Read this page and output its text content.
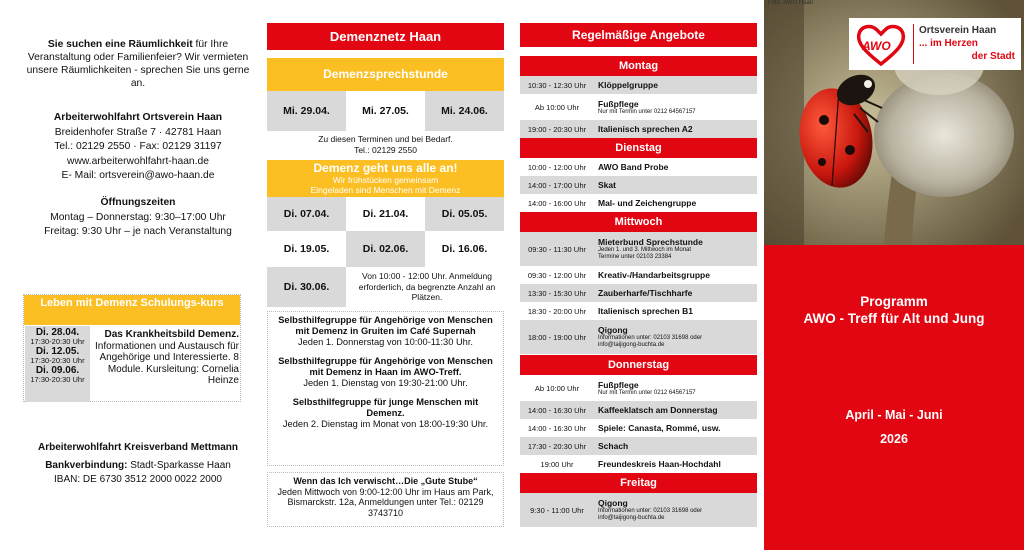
Sie suchen eine Räumlichkeit für Ihre Veranstaltung oder Familienfeier? Wir vermieten unsere Räumlichkeiten - sprechen Sie uns gerne an.
Arbeiterwohlfahrt Ortsverein Haan
Breidenhofer Straße 7 · 42781 Haan
Tel.: 02129 2550 · Fax: 02129 31197
www.arbeiterwohlfahrt-haan.de
E- Mail: ortsverein@awo-haan.de
Öffnungszeiten
Montag – Donnerstag: 9:30–17:00 Uhr
Freitag: 9:30 Uhr – je nach Veranstaltung
Arbeiterwohlfahrt Kreisverband Mettmann
Bankverbindung: Stadt-Sparkasse Haan
IBAN: DE 6730 3512 2000 0022 2000
Leben mit Demenz Schulungs-kurs
Di. 28.04.
17:30-20:30 Uhr
Di. 12.05.
17:30-20:30 Uhr
Di. 09.06.
17:30-20:30 Uhr
Das Krankheitsbild Demenz.
Informationen und Austausch für Angehörige und Interessierte. 8 Module. Kursleitung: Cornelia Heinze
Demenznetz Haan
Demenzsprechstunde
Mi. 29.04.	Mi. 27.05.	Mi. 24.06.
Zu diesen Terminen und bei Bedarf.
Tel.: 02129 2550
Demenz geht uns alle an!
Wir frühstücken gemeinsam
Eingeladen sind Menschen mit Demenz
Di. 07.04.	Di. 21.04.	Di. 05.05.
Di. 19.05.	Di. 02.06.	Di. 16.06.
Di. 30.06.
Von 10:00 - 12:00 Uhr. Anmeldung erforderlich, da begrenzte Anzahl an Plätzen.
Selbsthilfegruppe für Angehörige von Menschen mit Demenz in Gruiten im Café Supernah
Jeden 1. Donnerstag von 10:00-11:30 Uhr.
Selbsthilfegruppe für Angehörige von Menschen mit Demenz in Haan im AWO-Treff.
Jeden 1. Dienstag von 19:30-21:00 Uhr.
Selbsthilfegruppe für junge Menschen mit Demenz.
Jeden 2. Dienstag im Monat von 18:00-19:30 Uhr.
Wenn das Ich verwischt…Die „Gute Stube“
Jeden Mittwoch von 9:00-12:00 Uhr im Haus am Park, Bismarckstr. 12a, Anmeldungen unter Tel.: 02129 3743710
Regelmäßige Angebote
Montag
10:30 - 12:30 Uhr	Klöppelgruppe
Ab 10:00 Uhr	Fußpflege
Nur mit Termin unter 0212 64567157
19:00 - 20:30 Uhr	Italienisch sprechen A2
Dienstag
10:00 - 12:00 Uhr	AWO Band Probe
14:00 - 17:00 Uhr	Skat
14:00 - 16:00 Uhr	Mal- und Zeichengruppe
Mittwoch
09:30 - 11:30 Uhr
Mieterbund Sprechstunde
Jeden 1. und 3. Mittwoch im Monat
Termine unter 02103 23384
09:30 - 12:00 Uhr	Kreativ-/Handarbeitsgruppe
13:30 - 15:30 Uhr	Zauberharfe/Tischharfe
18:30 - 20:00 Uhr	Italienisch sprechen B1
18:00 - 19:00 Uhr
Qigong
Informationen unter: 02103 31698 oder
info@taijigong-buchta.de
Donnerstag
Ab 10:00 Uhr	Fußpflege
Nur mit Termin unter 0212 64567157
14:00 - 16:30 Uhr	Kaffeeklatsch am Donnerstag
14:00 - 16:30 Uhr	Spiele: Canasta, Rommé, usw.
17:30 - 20:30 Uhr	Schach
19:00 Uhr	Freundeskreis Haan-Hochdahl
Freitag
9:30 - 11:00 Uhr
Qigong
Informationen unter: 02103 31698 oder
info@taijigong-buchta.de
Foto: AWO Haan
AWO
Ortsverein Haan
... im Herzen
der Stadt
Programm
AWO - Treff für Alt und Jung
April - Mai - Juni
2026
